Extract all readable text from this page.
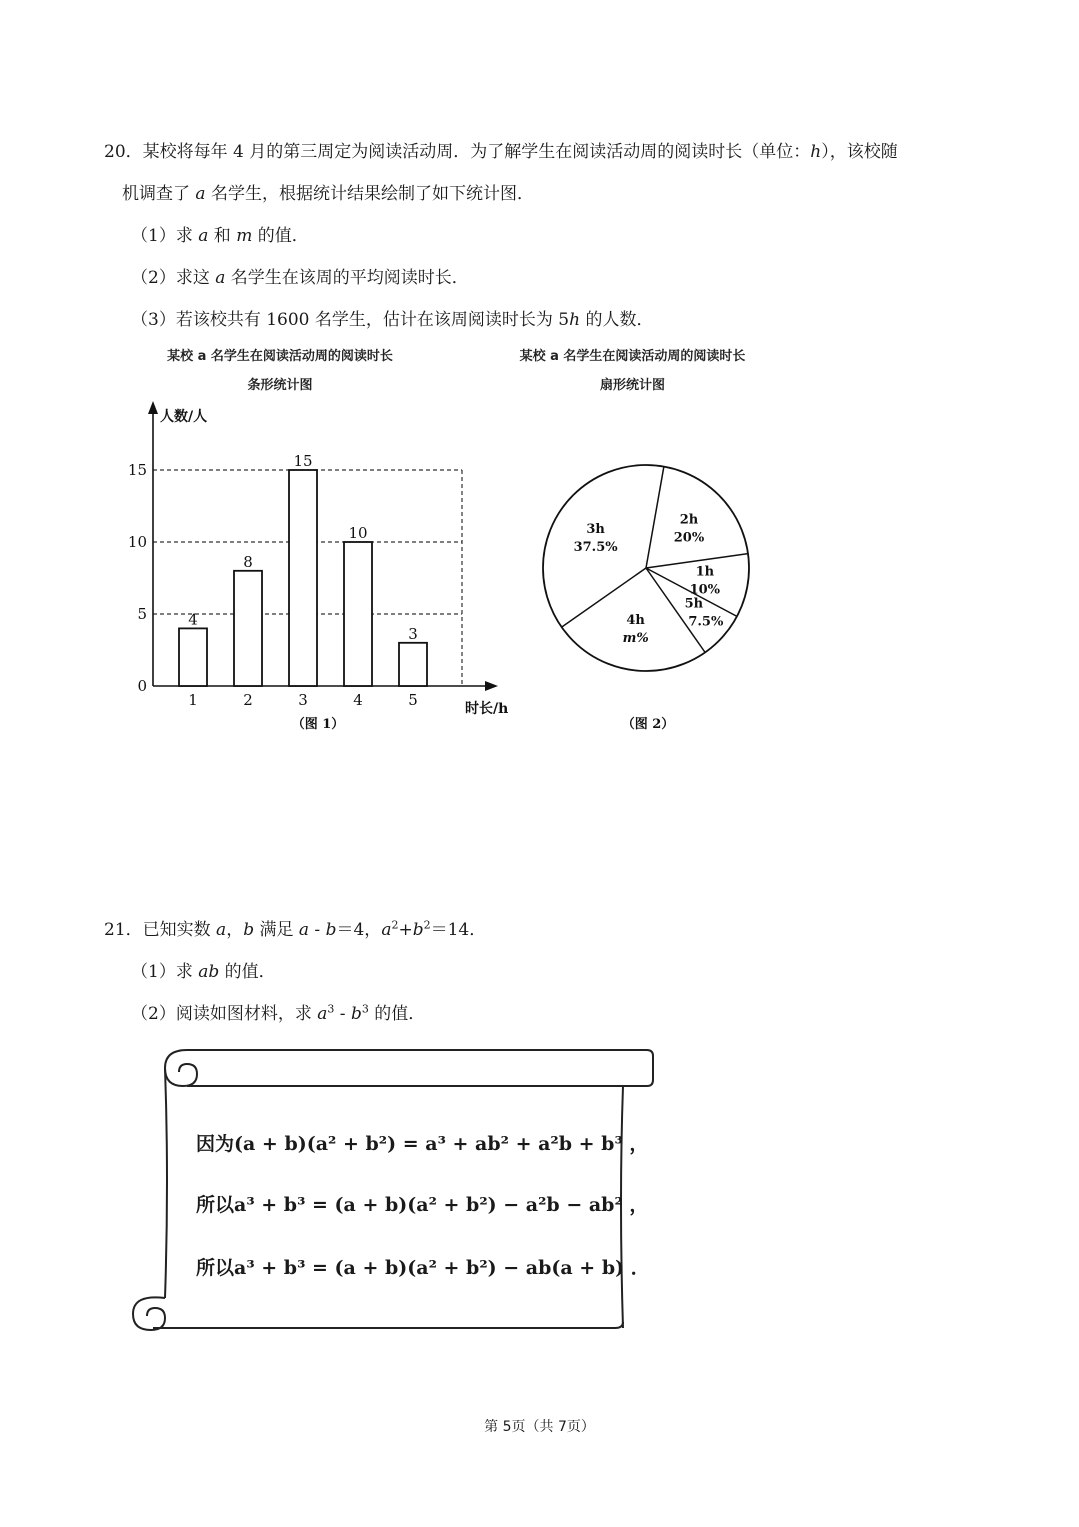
20．某校将每年 4 月的第三周定为阅读活动周．为了解学生在阅读活动周的阅读时长（单位：h），该校随
机调查了 a 名学生，根据统计结果绘制了如下统计图．
（1）求 a 和 m 的值．
（2）求这 a 名学生在该周的平均阅读时长．
（3）若该校共有 1600 名学生，估计在该周阅读时长为 5h 的人数．
某校 a 名学生在阅读活动周的阅读时长
条形统计图
某校 a 名学生在阅读活动周的阅读时长
扇形统计图
0
5
10
15
4
1
8
2
15
3
10
4
3
5
人数/人
时长/h
（图 1）
2h
20%
1h
10%
5h
7.5%
4h
m%
3h
37.5%
（图 2）
21．已知实数 a，b 满足 a - b＝4，$a^2+b^2=14$．
（1）求 ab 的值．
（2）阅读如图材料，求 $a^3 - b^3$ 的值．
因为(a + b)(a² + b²) = a³ + ab² + a²b + b³ ，
所以a³ + b³ = (a + b)(a² + b²) − a²b − ab² ，
所以a³ + b³ = (a + b)(a² + b²) − ab(a + b) ．
第 5页（共 7页）
